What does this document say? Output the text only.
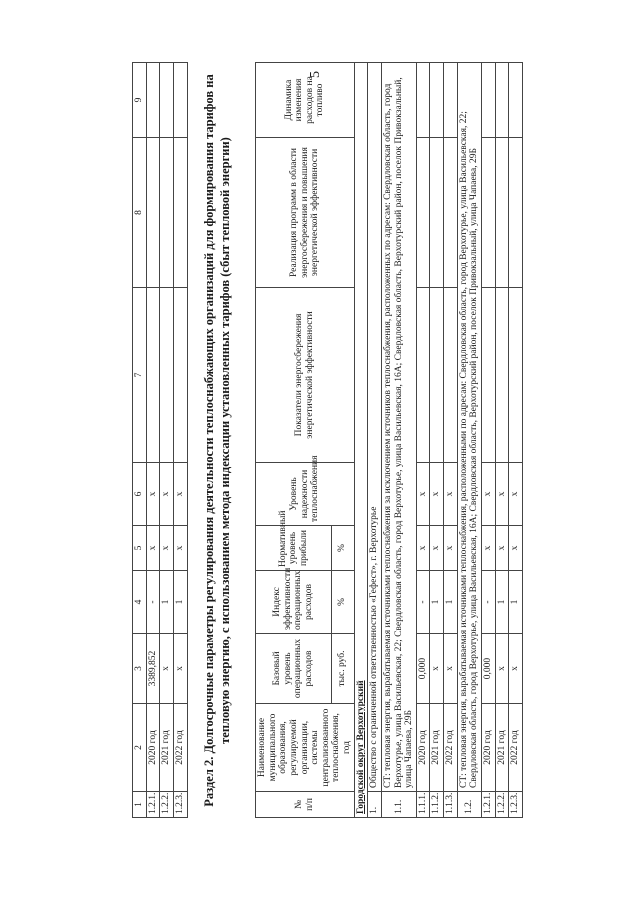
5
1	2	3	4	5	6	7	8	9
1.2.1.	2020 год	3389,852	-	x	x			
1.2.2.	2021 год	x	1	x	x			
1.2.3.	2022 год	x	1	x	x			Раздел 2. Долгосрочные параметры регулирования деятельности теплоснабжающих организаций для формирования тарифов на тепловую энергию, с использованием метода индексации установленных тарифов (сбыт тепловой энергии)
№ п/п	Наименование муниципального образования, регулируемой организации, системы централизованного теплоснабжения, год	Базовый уровень операционных расходов	Индекс эффективности операционных расходов	Нормативный уровень прибыли	Уровень надежности теплоснабжения	Показатели энергосбережения энергетической эффективности	Реализация программ в области энергосбережения и повышения энергетической эффективности	Динамика изменения расходов на топливо
		тыс. руб.	%	%				
Городской округ Верхотурский								
1.	Общество с ограниченной ответственностью «Гефест», г. Верхотурье							
1.1.	СТ: тепловая энергия, вырабатываемая источниками теплоснабжения за исключением источников теплоснабжения, расположенных по адресам: Свердловская область, город Верхотурье, улица Васильевская, 22; Свердловская область, город Верхотурье, улица Васильевская, 16А; Свердловская область, Верхотурский район, поселок Привокзальный, улица Чапаева, 29Б							
1.1.1.	2020 год	0,000	-	x	x			
1.1.2.	2021 год	x	1	x	x			
1.1.3.	2022 год	x	1	x	x			
1.2.	СТ: тепловая энергия, вырабатываемая источниками теплоснабжения, расположенными по адресам: Свердловская область, город Верхотурье, улица Васильевская, 22; Свердловская область, город Верхотурье, улица Васильевская, 16А; Свердловская область, Верхотурский район, поселок Привокзальный, улица Чапаева, 29Б							
1.2.1.	2020 год	0,000	-	x	x			
1.2.2.	2021 год	x	1	x	x			
1.2.3.	2022 год	x	1	x	x			
